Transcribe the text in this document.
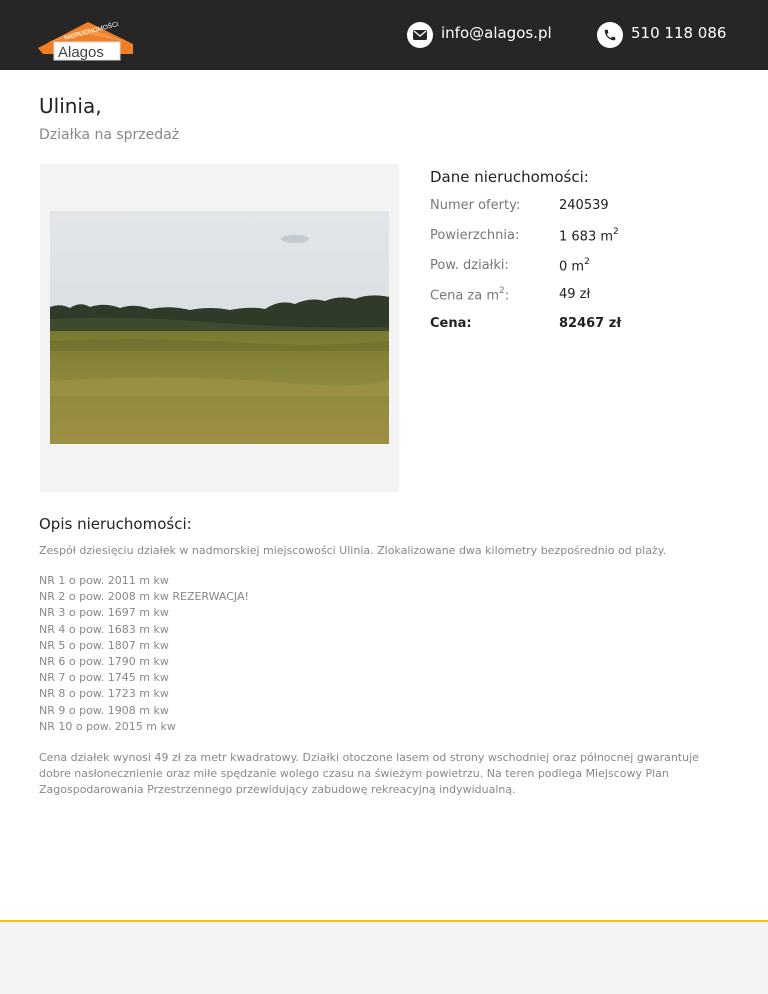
NIERUCHOMOŚCI
Alagos
info@alagos.pl	510 118 086
Ulinia,
Działka na sprzedaż
Dane nieruchomości:
Numer oferty:	240539
Powierzchnia:	1 683 $m^2$
Pow. działki:	0 $m^2$
Cena za $m^2$:	49 zł
Cena:	82467 zł
Opis nieruchomości:
Zespół dziesięciu działek w nadmorskiej miejscowości Ulinia. Zlokalizowane dwa kilometry bezpośrednio od plaży.
NR 1 o pow. 2011 m kw
NR 2 o pow. 2008 m kw REZERWACJA!
NR 3 o pow. 1697 m kw
NR 4 o pow. 1683 m kw
NR 5 o pow. 1807 m kw
NR 6 o pow. 1790 m kw
NR 7 o pow. 1745 m kw
NR 8 o pow. 1723 m kw
NR 9 o pow. 1908 m kw
NR 10 o pow. 2015 m kw

Cena działek wynosi 49 zł za metr kwadratowy. Działki otoczone lasem od strony wschodniej oraz północnej gwarantuje dobre nasłonecznienie oraz miłe spędzanie wolego czasu na świeżym powietrzu. Na teren podlega Miejscowy Plan Zagospodarowania Przestrzennego przewidujący zabudowę rekreacyjną indywidualną.
